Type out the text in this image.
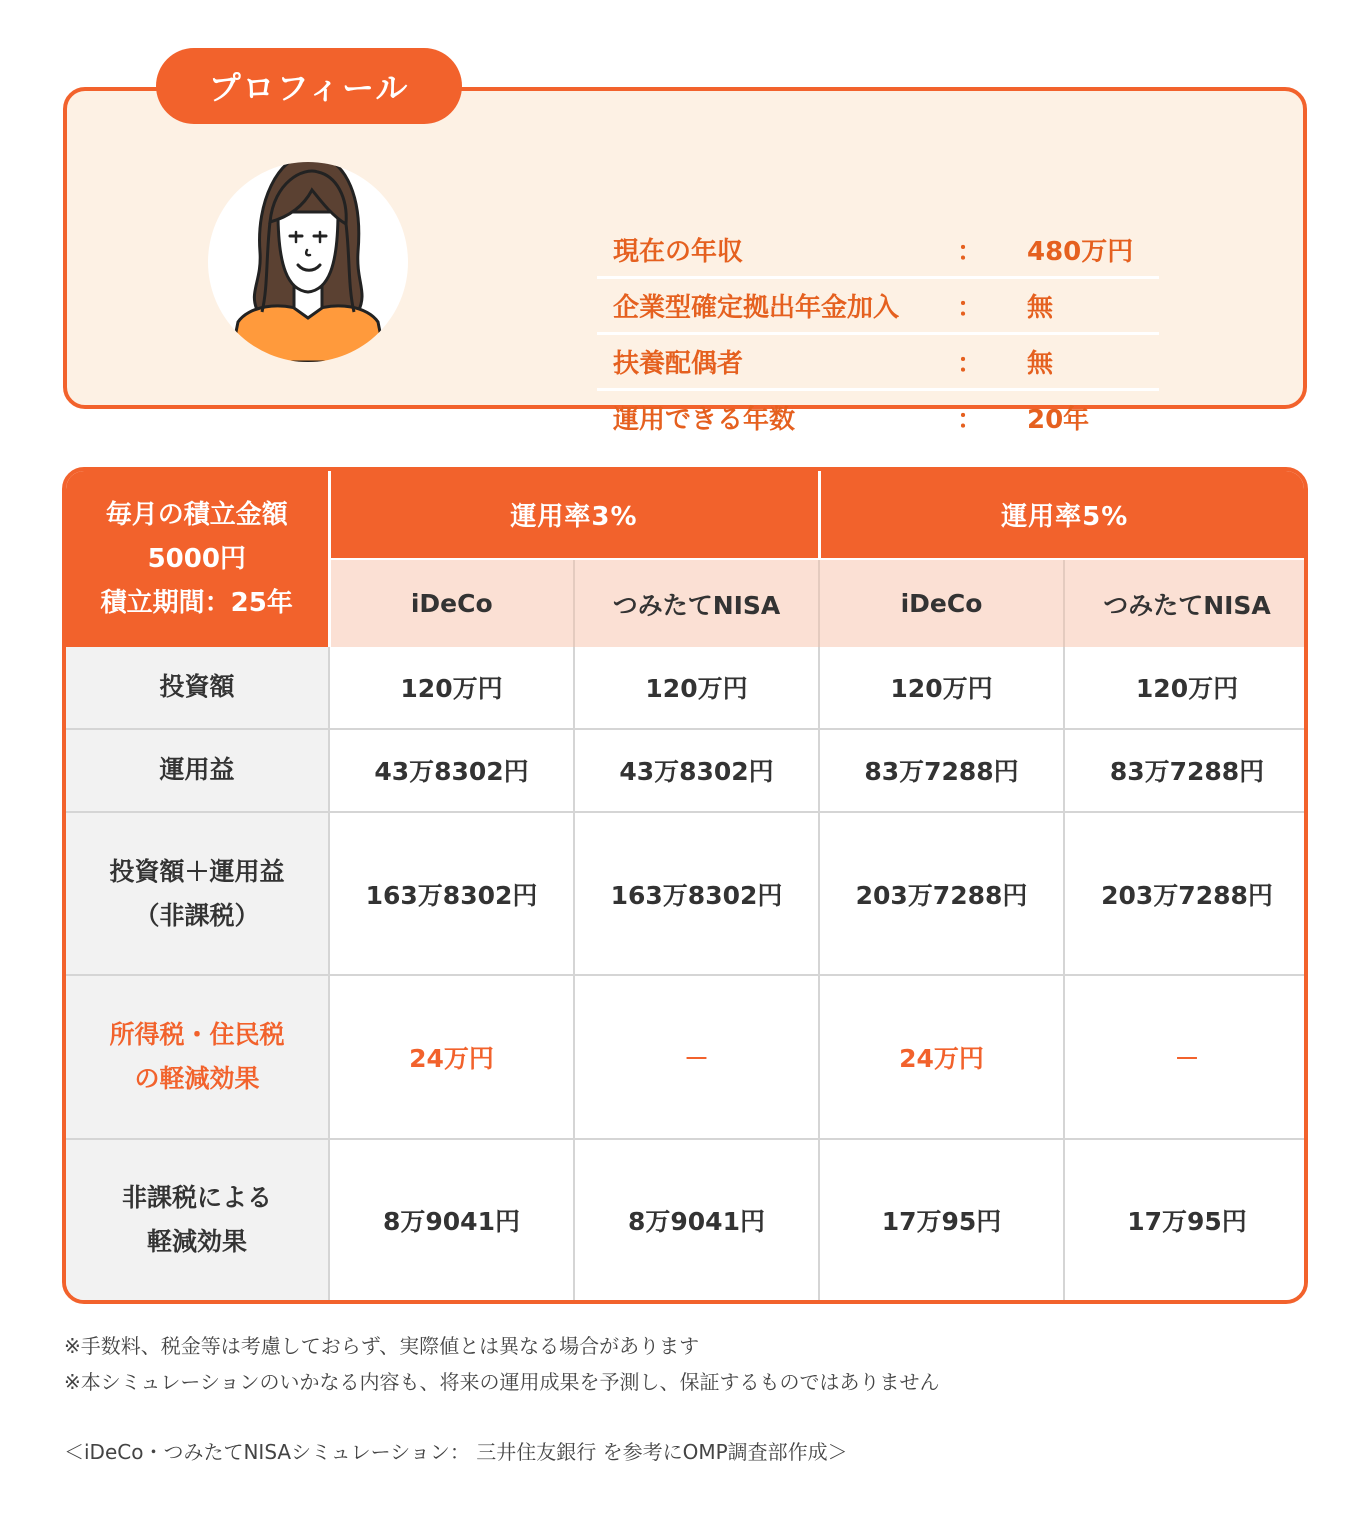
現在の年収	：	480万円
企業型確定拠出年金加入	：	無
扶養配偶者	：	無
運用できる年数	：	20年
プロフィール
毎月の積立金額
5000円
積立期間：25年	運用率3%		運用率5%	
	iDeCo	つみたてNISA	iDeCo	つみたてNISA

投資額	120万円	120万円	120万円	120万円

運用益	43万8302円	43万8302円	83万7288円	83万7288円

投資額＋運用益
（非課税）	163万8302円	163万8302円	203万7288円	203万7288円

所得税・住民税
の軽減効果	24万円	－	24万円	－

非課税による
軽減効果	8万9041円	8万9041円	17万95円	17万95円
※手数料、税金等は考慮しておらず、実際値とは異なる場合があります
※本シミュレーションのいかなる内容も、将来の運用成果を予測し、保証するものではありません
＜iDeCo・つみたてNISAシミュレーション： 三井住友銀行 を参考にOMP調査部作成＞
